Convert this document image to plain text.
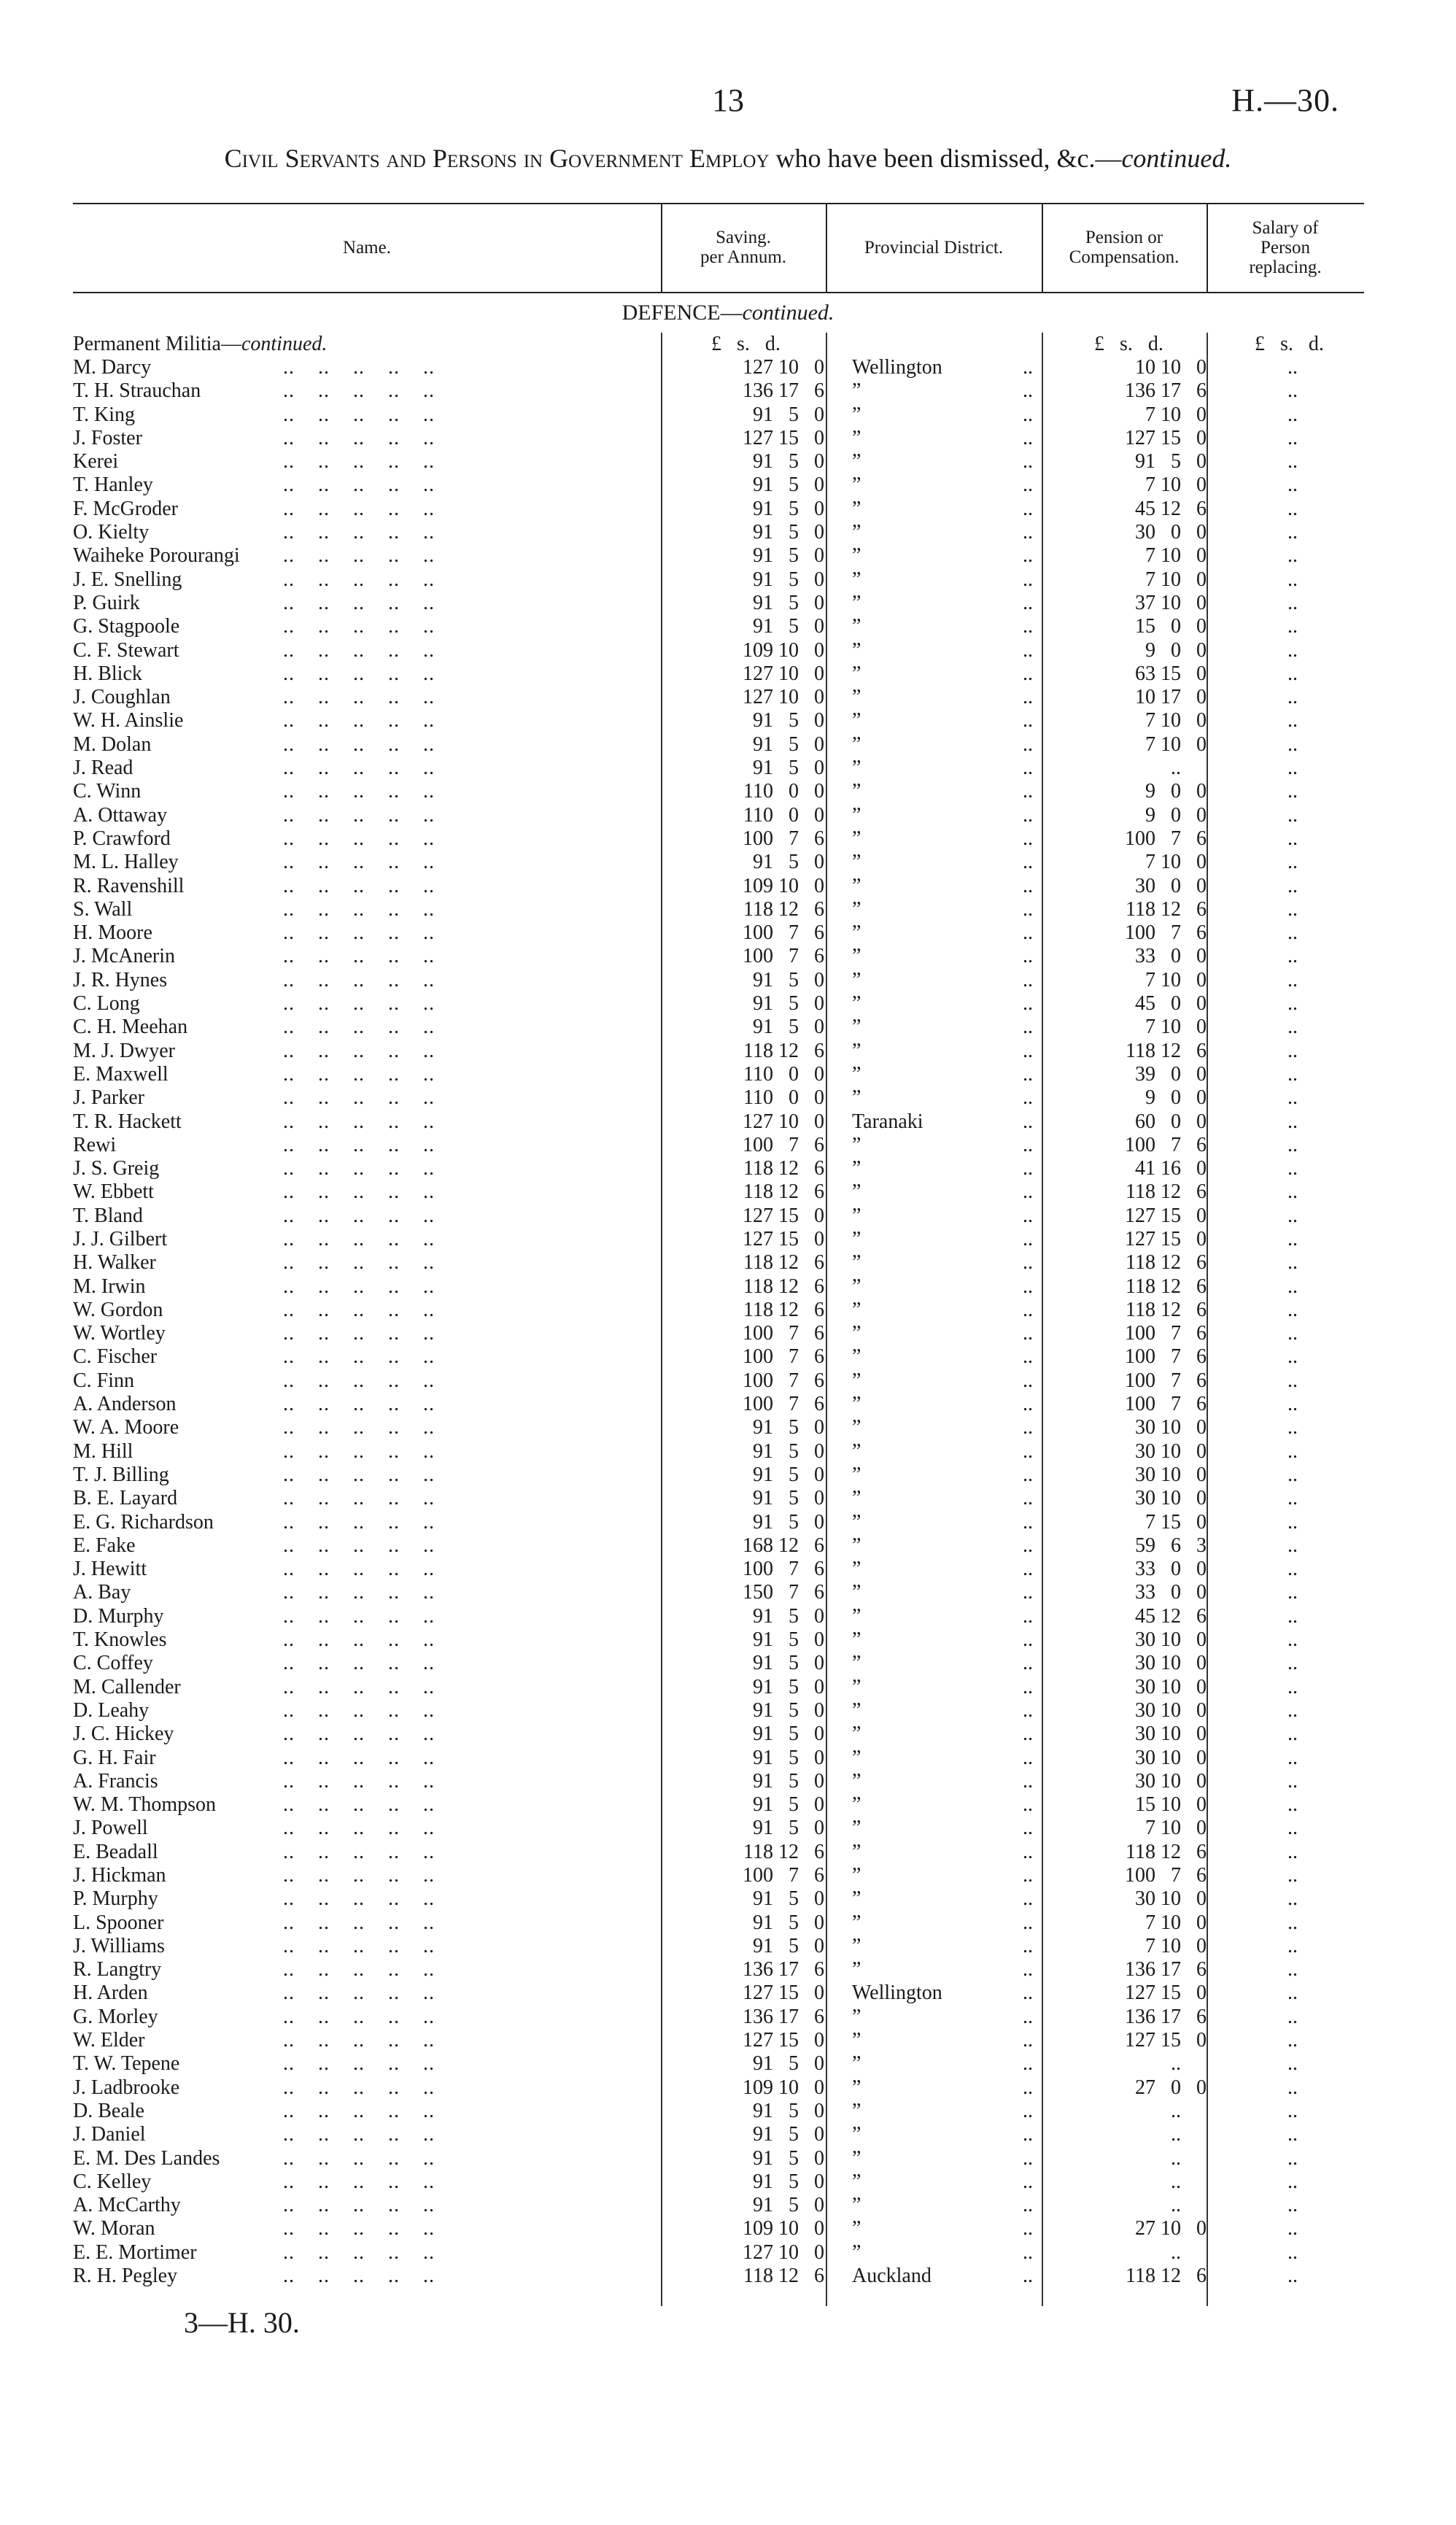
13	H.—30.
Civil Servants and Persons in Government Employ who have been dismissed, &c.—continued.
Name.	Saving.
per Annum.	Provincial District.	Pension or
Compensation.
Salary of
Person
replacing.
DEFENCE—continued.
Permanent Militia—continued.	£   s.   d.	£   s.   d.	£   s.   d.
M. Darcy	..    ..    ..    ..    ..	127 10   0 Wellington	..	10 10   0	..
T. H. Strauchan	..    ..    ..    ..    ..	136 17   6 ”	..	136 17   6	..
T. King	..    ..    ..    ..    ..	91   5   0 ”	..	7 10   0	..
J. Foster	..    ..    ..    ..    ..	127 15   0 ”	..	127 15   0	..
Kerei	..    ..    ..    ..    ..	91   5   0 ”	..	91   5   0	..
T. Hanley	..    ..    ..    ..    ..	91   5   0 ”	..	7 10   0	..
F. McGroder	..    ..    ..    ..    ..	91   5   0 ”	..	45 12   6	..
O. Kielty	..    ..    ..    ..    ..	91   5   0 ”	..	30   0   0	..
Waiheke Porourangi ..    ..    ..    ..    ..	91   5   0 ”	..	7 10   0	..
J. E. Snelling	..    ..    ..    ..    ..	91   5   0 ”	..	7 10   0	..
P. Guirk	..    ..    ..    ..    ..	91   5   0 ”	..	37 10   0	..
G. Stagpoole	..    ..    ..    ..    ..	91   5   0 ”	..	15   0   0	..
C. F. Stewart	..    ..    ..    ..    ..	109 10   0 ”	..	9   0   0	..
H. Blick	..    ..    ..    ..    ..	127 10   0 ”	..	63 15   0	..
J. Coughlan	..    ..    ..    ..    ..	127 10   0 ”	..	10 17   0	..
W. H. Ainslie	..    ..    ..    ..    ..	91   5   0 ”	..	7 10   0	..
M. Dolan	..    ..    ..    ..    ..	91   5   0 ”	..	7 10   0	..
J. Read	..    ..    ..    ..    ..	91   5   0 ”	..	..	..
C. Winn	..    ..    ..    ..    ..	110   0   0 ”	..	9   0   0	..
A. Ottaway	..    ..    ..    ..    ..	110   0   0 ”	..	9   0   0	..
P. Crawford	..    ..    ..    ..    ..	100   7   6 ”	..	100   7   6	..
M. L. Halley	..    ..    ..    ..    ..	91   5   0 ”	..	7 10   0	..
R. Ravenshill	..    ..    ..    ..    ..	109 10   0 ”	..	30   0   0	..
S. Wall	..    ..    ..    ..    ..	118 12   6 ”	..	118 12   6	..
H. Moore	..    ..    ..    ..    ..	100   7   6 ”	..	100   7   6	..
J. McAnerin	..    ..    ..    ..    ..	100   7   6 ”	..	33   0   0	..
J. R. Hynes	..    ..    ..    ..    ..	91   5   0 ”	..	7 10   0	..
C. Long	..    ..    ..    ..    ..	91   5   0 ”	..	45   0   0	..
C. H. Meehan	..    ..    ..    ..    ..	91   5   0 ”	..	7 10   0	..
M. J. Dwyer	..    ..    ..    ..    ..	118 12   6 ”	..	118 12   6	..
E. Maxwell	..    ..    ..    ..    ..	110   0   0 ”	..	39   0   0	..
J. Parker	..    ..    ..    ..    ..	110   0   0 ”	..	9   0   0	..
T. R. Hackett	..    ..    ..    ..    ..	127 10   0 Taranaki	..	60   0   0	..
Rewi	..    ..    ..    ..    ..	100   7   6 ”	..	100   7   6	..
J. S. Greig	..    ..    ..    ..    ..	118 12   6 ”	..	41 16   0	..
W. Ebbett	..    ..    ..    ..    ..	118 12   6 ”	..	118 12   6	..
T. Bland	..    ..    ..    ..    ..	127 15   0 ”	..	127 15   0	..
J. J. Gilbert	..    ..    ..    ..    ..	127 15   0 ”	..	127 15   0	..
H. Walker	..    ..    ..    ..    ..	118 12   6 ”	..	118 12   6	..
M. Irwin	..    ..    ..    ..    ..	118 12   6 ”	..	118 12   6	..
W. Gordon	..    ..    ..    ..    ..	118 12   6 ”	..	118 12   6	..
W. Wortley	..    ..    ..    ..    ..	100   7   6 ”	..	100   7   6	..
C. Fischer	..    ..    ..    ..    ..	100   7   6 ”	..	100   7   6	..
C. Finn	..    ..    ..    ..    ..	100   7   6 ”	..	100   7   6	..
A. Anderson	..    ..    ..    ..    ..	100   7   6 ”	..	100   7   6	..
W. A. Moore	..    ..    ..    ..    ..	91   5   0 ”	..	30 10   0	..
M. Hill	..    ..    ..    ..    ..	91   5   0 ”	..	30 10   0	..
T. J. Billing	..    ..    ..    ..    ..	91   5   0 ”	..	30 10   0	..
B. E. Layard	..    ..    ..    ..    ..	91   5   0 ”	..	30 10   0	..
E. G. Richardson	..    ..    ..    ..    ..	91   5   0 ”	..	7 15   0	..
E. Fake	..    ..    ..    ..    ..	168 12   6 ”	..	59   6   3	..
J. Hewitt	..    ..    ..    ..    ..	100   7   6 ”	..	33   0   0	..
A. Bay	..    ..    ..    ..    ..	150   7   6 ”	..	33   0   0	..
D. Murphy	..    ..    ..    ..    ..	91   5   0 ”	..	45 12   6	..
T. Knowles	..    ..    ..    ..    ..	91   5   0 ”	..	30 10   0	..
C. Coffey	..    ..    ..    ..    ..	91   5   0 ”	..	30 10   0	..
M. Callender	..    ..    ..    ..    ..	91   5   0 ”	..	30 10   0	..
D. Leahy	..    ..    ..    ..    ..	91   5   0 ”	..	30 10   0	..
J. C. Hickey	..    ..    ..    ..    ..	91   5   0 ”	..	30 10   0	..
G. H. Fair	..    ..    ..    ..    ..	91   5   0 ”	..	30 10   0	..
A. Francis	..    ..    ..    ..    ..	91   5   0 ”	..	30 10   0	..
W. M. Thompson	..    ..    ..    ..    ..	91   5   0 ”	..	15 10   0	..
J. Powell	..    ..    ..    ..    ..	91   5   0 ”	..	7 10   0	..
E. Beadall	..    ..    ..    ..    ..	118 12   6 ”	..	118 12   6	..
J. Hickman	..    ..    ..    ..    ..	100   7   6 ”	..	100   7   6	..
P. Murphy	..    ..    ..    ..    ..	91   5   0 ”	..	30 10   0	..
L. Spooner	..    ..    ..    ..    ..	91   5   0 ”	..	7 10   0	..
J. Williams	..    ..    ..    ..    ..	91   5   0 ”	..	7 10   0	..
R. Langtry	..    ..    ..    ..    ..	136 17   6 ”	..	136 17   6	..
H. Arden	..    ..    ..    ..    ..	127 15   0 Wellington	..	127 15   0	..
G. Morley	..    ..    ..    ..    ..	136 17   6 ”	..	136 17   6	..
W. Elder	..    ..    ..    ..    ..	127 15   0 ”	..	127 15   0	..
T. W. Tepene	..    ..    ..    ..    ..	91   5   0 ”	..	..	..
J. Ladbrooke	..    ..    ..    ..    ..	109 10   0 ”	..	27   0   0	..
D. Beale	..    ..    ..    ..    ..	91   5   0 ”	..	..	..
J. Daniel	..    ..    ..    ..    ..	91   5   0 ”	..	..	..
E. M. Des Landes	..    ..    ..    ..    ..	91   5   0 ”	..	..	..
C. Kelley	..    ..    ..    ..    ..	91   5   0 ”	..	..	..
A. McCarthy	..    ..    ..    ..    ..	91   5   0 ”	..	..	..
W. Moran	..    ..    ..    ..    ..	109 10   0 ”	..	27 10   0	..
E. E. Mortimer	..    ..    ..    ..    ..	127 10   0 ”	..	..	..
R. H. Pegley	..    ..    ..    ..    ..	118 12   6 Auckland	..	118 12   6	..
3—H. 30.
